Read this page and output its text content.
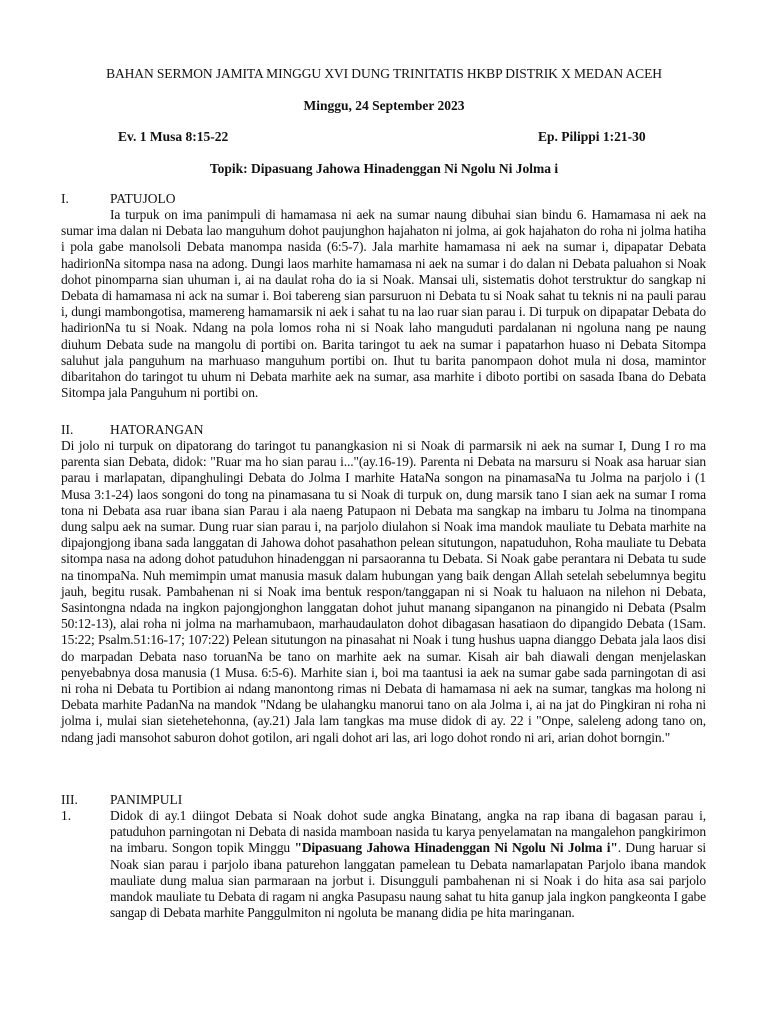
BAHAN SERMON JAMITA MINGGU XVI DUNG TRINITATIS HKBP DISTRIK X MEDAN ACEH
Minggu, 24 September 2023
Ev. 1 Musa 8:15-22	Ep. Pilippi 1:21-30
Topik: Dipasuang Jahowa Hinadenggan Ni Ngolu Ni Jolma i
I.	PATUJOLO

Ia turpuk on ima panimpuli di hamamasa ni aek na sumar naung dibuhai sian bindu 6. Hamamasa ni aek na sumar ima dalan ni Debata lao manguhum dohot paujunghon hajahaton ni jolma, ai gok hajahaton do roha ni jolma hatiha i pola gabe manolsoli Debata manompa nasida (6:5-7). Jala marhite hamamasa ni aek na sumar i, dipapatar Debata hadirionNa sitompa nasa na adong. Dungi laos marhite hamamasa ni aek na sumar i do dalan ni Debata paluahon si Noak dohot pinomparna sian uhuman i, ai na daulat roha do ia si Noak. Mansai uli, sistematis dohot terstruktur do sangkap ni Debata di hamamasa ni ack na sumar i. Boi tabereng sian parsuruon ni Debata tu si Noak sahat tu teknis ni na pauli parau i, dungi mambongotisa, mamereng hamamarsik ni aek i sahat tu na lao ruar sian parau i. Di turpuk on dipapatar Debata do hadirionNa tu si Noak. Ndang na pola lomos roha ni si Noak laho manguduti pardalanan ni ngoluna nang pe naung diuhum Debata sude na mangolu di portibi on. Barita taringot tu aek na sumar i papatarhon huaso ni Debata Sitompa saluhut jala panguhum na marhuaso manguhum portibi on. Ihut tu barita panompaon dohot mula ni dosa, mamintor dibaritahon do taringot tu uhum ni Debata marhite aek na sumar, asa marhite i diboto portibi on sasada Ibana do Debata Sitompa jala Panguhum ni portibi on.

II.	HATORANGAN

Di jolo ni turpuk on dipatorang do taringot tu panangkasion ni si Noak di parmarsik ni aek na sumar I, Dung I ro ma parenta sian Debata, didok: "Ruar ma ho sian parau i..."(ay.16-19). Parenta ni Debata na marsuru si Noak asa haruar sian parau i marlapatan, dipanghulingi Debata do Jolma I marhite HataNa songon na pinamasaNa tu Jolma na parjolo i (1 Musa 3:1-24) laos songoni do tong na pinamasana tu si Noak di turpuk on, dung marsik tano I sian aek na sumar I roma tona ni Debata asa ruar ibana sian Parau i ala naeng Patupaon ni Debata ma sangkap na imbaru tu Jolma na tinompana dung salpu aek na sumar. Dung ruar sian parau i, na parjolo diulahon si Noak ima mandok mauliate tu Debata marhite na dipajongjong ibana sada langgatan di Jahowa dohot pasahathon pelean situtungon, napatuduhon, Roha mauliate tu Debata sitompa nasa na adong dohot patuduhon hinadenggan ni parsaoranna tu Debata. Si Noak gabe perantara ni Debata tu sude na tinompaNa. Nuh memimpin umat manusia masuk dalam hubungan yang baik dengan Allah setelah sebelumnya begitu jauh, begitu rusak. Pambahenan ni si Noak ima bentuk respon/tanggapan ni si Noak tu haluaon na nilehon ni Debata, Sasintongna ndada na ingkon pajongjonghon langgatan dohot juhut manang sipanganon na pinangido ni Debata (Psalm 50:12-13), alai roha ni jolma na marhamubaon, marhaudaulaton dohot dibagasan hasatiaon do dipangido Debata (1Sam. 15:22; Psalm.51:16-17; 107:22) Pelean situtungon na pinasahat ni Noak i tung hushus uapna dianggo Debata jala laos disi do marpadan Debata naso toruanNa be tano on marhite aek na sumar. Kisah air bah diawali dengan menjelaskan penyebabnya dosa manusia (1 Musa. 6:5-6). Marhite sian i, boi ma taantusi ia aek na sumar gabe sada parningotan di asi ni roha ni Debata tu Portibion ai ndang manontong rimas ni Debata di hamamasa ni aek na sumar, tangkas ma holong ni Debata marhite PadanNa na mandok "Ndang be ulahangku manorui tano on ala Jolma i, ai na jat do Pingkiran ni roha ni jolma i, mulai sian sietehetehonna, (ay.21) Jala lam tangkas ma muse didok di ay. 22 i "Onpe, saleleng adong tano on, ndang jadi mansohot saburon dohot gotilon, ari ngali dohot ari las, ari logo dohot rondo ni ari, arian dohot borngin."

III. PANIMPULI
1.	Didok di ay.1 diingot Debata si Noak dohot sude angka Binatang, angka na rap ibana di bagasan parau i, patuduhon parningotan ni Debata di nasida mamboan nasida tu karya penyelamatan na mangalehon pangkirimon na imbaru. Songon topik Minggu "Dipasuang Jahowa Hinadenggan Ni Ngolu Ni Jolma i". Dung haruar si Noak sian parau i parjolo ibana paturehon langgatan pamelean tu Debata namarlapatan Parjolo ibana mandok mauliate dung malua sian parmaraan na jorbut i. Disungguli pambahenan ni si Noak i do hita asa sai parjolo mandok mauliate tu Debata di ragam ni angka Pasupasu naung sahat tu hita ganup jala ingkon pangkeonta I gabe sangap di Debata marhite Panggulmiton ni ngoluta be manang didia pe hita maringanan.
